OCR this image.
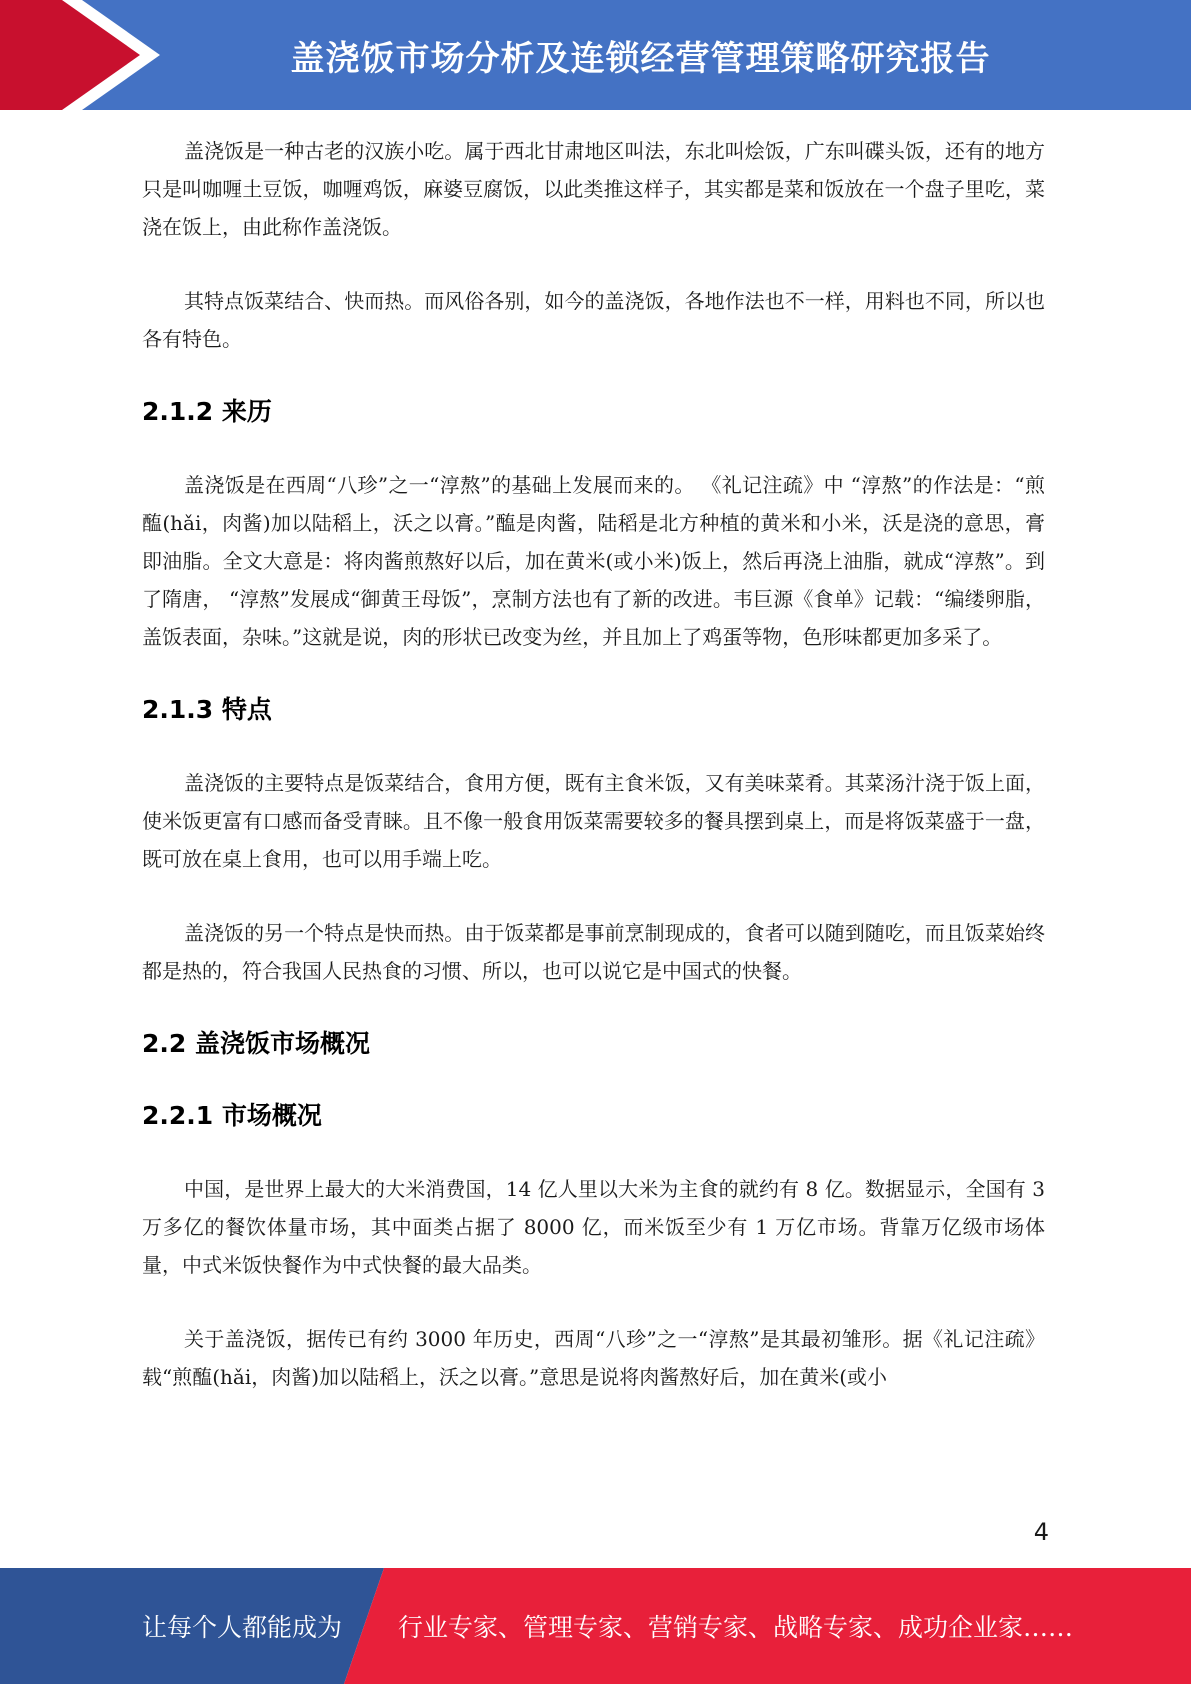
盖浇饭市场分析及连锁经营管理策略研究报告

盖浇饭是一种古老的汉族小吃。属于西北甘肃地区叫法，东北叫烩饭，广东叫碟头饭，还有的地方只是叫咖喱土豆饭，咖喱鸡饭，麻婆豆腐饭，以此类推这样子，其实都是菜和饭放在一个盘子里吃，菜浇在饭上，由此称作盖浇饭。

其特点饭菜结合、快而热。而风俗各别，如今的盖浇饭，各地作法也不一样，用料也不同，所以也各有特色。

2.1.2 来历

盖浇饭是在西周“八珍”之一“淳熬”的基础上发展而来的。 《礼记注疏》中 “淳熬”的作法是：“煎醢(hǎi，肉酱)加以陆稻上，沃之以膏。”醢是肉酱，陆稻是北方种植的黄米和小米，沃是浇的意思，膏即油脂。全文大意是：将肉酱煎熬好以后，加在黄米(或小米)饭上，然后再浇上油脂，就成“淳熬”。到了隋唐， “淳熬”发展成“御黄王母饭”，烹制方法也有了新的改进。韦巨源《食单》记载：“编缕卵脂，盖饭表面，杂味。”这就是说，肉的形状已改变为丝，并且加上了鸡蛋等物，色形味都更加多采了。

2.1.3 特点

盖浇饭的主要特点是饭菜结合，食用方便，既有主食米饭，又有美味菜肴。其菜汤汁浇于饭上面，使米饭更富有口感而备受青睐。且不像一般食用饭菜需要较多的餐具摆到桌上，而是将饭菜盛于一盘，既可放在桌上食用，也可以用手端上吃。

盖浇饭的另一个特点是快而热。由于饭菜都是事前烹制现成的，食者可以随到随吃，而且饭菜始终都是热的，符合我国人民热食的习惯、所以，也可以说它是中国式的快餐。

2.2 盖浇饭市场概况
2.2.1 市场概况

中国，是世界上最大的大米消费国，14 亿人里以大米为主食的就约有 8 亿。数据显示，全国有 3 万多亿的餐饮体量市场，其中面类占据了 8000 亿，而米饭至少有 1 万亿市场。背靠万亿级市场体量，中式米饭快餐作为中式快餐的最大品类。

关于盖浇饭，据传已有约 3000 年历史，西周“八珍”之一“淳熬”是其最初雏形。据《礼记注疏》载“煎醢(hǎi，肉酱)加以陆稻上，沃之以膏。”意思是说将肉酱熬好后，加在黄米(或小

4
让每个人都能成为 行业专家、管理专家、营销专家、战略专家、成功企业家……
